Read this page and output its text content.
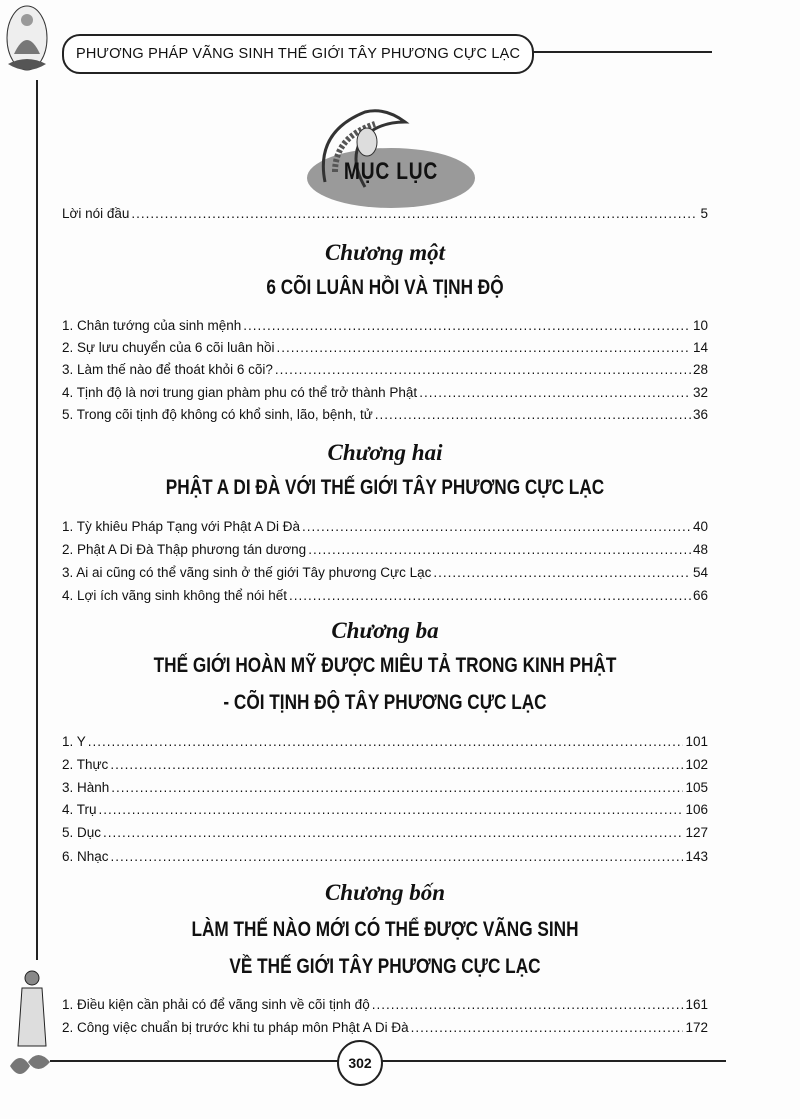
PHƯƠNG PHÁP VÃNG SINH THẾ GIỚI TÂY PHƯƠNG CỰC LẠC
MỤC LỤC
Lời nói đầu .....	5
Chương một
6 CÕI LUÂN HỒI VÀ TỊNH ĐỘ
1. Chân tướng của sinh mệnh .....	10
2. Sự lưu chuyển của 6 cõi luân hồi .....	14
3. Làm thế nào để thoát khỏi 6 cõi? .....	28
4. Tịnh độ là nơi trung gian phàm phu có thể trở thành Phật .....	32
5. Trong cõi tịnh độ không có khổ sinh, lão, bệnh, tử .....	36
Chương hai
PHẬT A DI ĐÀ VỚI THẾ GIỚI TÂY PHƯƠNG CỰC LẠC
1. Tỳ khiêu Pháp Tạng với Phật A Di Đà .....	40
2. Phật A Di Đà Thập phương tán dương .....	48
3. Ai ai cũng có thể vãng sinh ở thế giới Tây phương Cực Lạc .....	54
4. Lợi ích vãng sinh không thể nói hết .....	66
Chương ba
THẾ GIỚI HOÀN MỸ ĐƯỢC MIÊU TẢ TRONG KINH PHẬT
- CÕI TỊNH ĐỘ TÂY PHƯƠNG CỰC LẠC
1. Y .....	101
2. Thực .....	102
3. Hành .....	105
4. Trụ .....	106
5. Dục .....	127
6. Nhạc .....	143
Chương bốn
LÀM THẾ NÀO MỚI CÓ THỂ ĐƯỢC VÃNG SINH
VỀ THẾ GIỚI TÂY PHƯƠNG CỰC LẠC
1. Điều kiện cần phải có để vãng sinh về cõi tịnh độ .....	161
2. Công việc chuẩn bị trước khi tu pháp môn Phật A Di Đà .....	172
302
